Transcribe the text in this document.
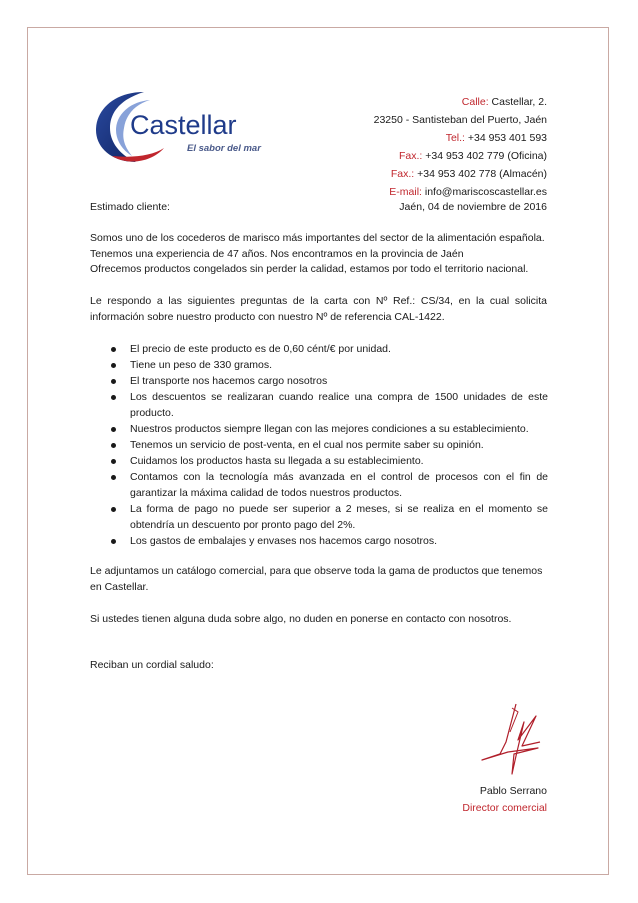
Castellar
El sabor del mar
Calle: Castellar, 2.
23250 - Santisteban del Puerto, Jaén
Tel.: +34 953 401 593
Fax.: +34 953 402 779 (Oficina)
Fax.: +34 953 402 778 (Almacén)
E-mail: info@mariscoscastellar.es
Estimado cliente:	Jaén, 04 de noviembre de 2016
Somos uno de los cocederos de marisco más importantes del sector de la alimentación española.
Tenemos una experiencia de 47 años. Nos encontramos en la provincia de Jaén
Ofrecemos productos congelados sin perder la calidad, estamos por todo el territorio nacional.
Le respondo a las siguientes preguntas de la carta con Nº Ref.: CS/34, en la cual solicita información sobre nuestro producto con nuestro Nº de referencia CAL-1422.
El precio de este producto es de 0,60 cént/€ por unidad.
Tiene un peso de 330 gramos.
El transporte nos hacemos cargo nosotros
Los descuentos se realizaran cuando realice una compra de 1500 unidades de este producto.
Nuestros productos siempre llegan con las mejores condiciones a su establecimiento.
Tenemos un servicio de post-venta, en el cual nos permite saber su opinión.
Cuidamos los productos hasta su llegada a su establecimiento.
Contamos con la tecnología más avanzada en el control de procesos con el fin de garantizar la máxima calidad de todos nuestros productos.
La forma de pago no puede ser superior a 2 meses, si se realiza en el momento se obtendría un descuento por pronto pago del 2%.
Los gastos de embalajes y envases nos hacemos cargo nosotros.
Le adjuntamos un catálogo comercial, para que observe toda la gama de productos que tenemos en Castellar.
Si ustedes tienen alguna duda sobre algo, no duden en ponerse en contacto con nosotros.
Reciban un cordial saludo:
Pablo Serrano
Director comercial
